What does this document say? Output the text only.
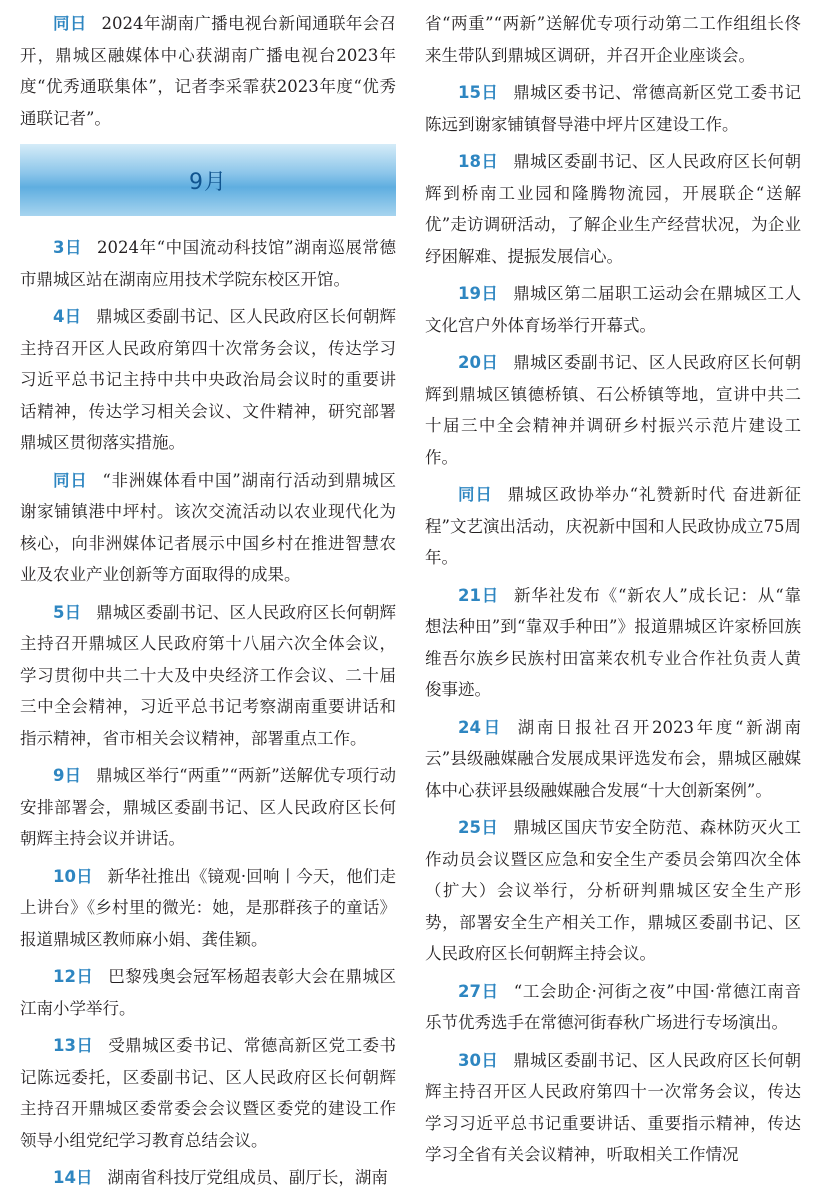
同日 2024年湖南广播电视台新闻通联年会召开，鼎城区融媒体中心获湖南广播电视台2023年度“优秀通联集体”，记者李采霏获2023年度“优秀通联记者”。

9月

3日 2024年“中国流动科技馆”湖南巡展常德市鼎城区站在湖南应用技术学院东校区开馆。

4日 鼎城区委副书记、区人民政府区长何朝辉主持召开区人民政府第四十次常务会议，传达学习习近平总书记主持中共中央政治局会议时的重要讲话精神，传达学习相关会议、文件精神，研究部署鼎城区贯彻落实措施。

同日 “非洲媒体看中国”湖南行活动到鼎城区谢家铺镇港中坪村。该次交流活动以农业现代化为核心，向非洲媒体记者展示中国乡村在推进智慧农业及农业产业创新等方面取得的成果。

5日 鼎城区委副书记、区人民政府区长何朝辉主持召开鼎城区人民政府第十八届六次全体会议，学习贯彻中共二十大及中央经济工作会议、二十届三中全会精神，习近平总书记考察湖南重要讲话和指示精神，省市相关会议精神，部署重点工作。

9日 鼎城区举行“两重”“两新”送解优专项行动安排部署会，鼎城区委副书记、区人民政府区长何朝辉主持会议并讲话。

10日 新华社推出《镜观·回响丨今天，他们走上讲台》《乡村里的微光：她，是那群孩子的童话》报道鼎城区教师麻小娟、龚佳颖。

12日 巴黎残奥会冠军杨超表彰大会在鼎城区江南小学举行。

13日 受鼎城区委书记、常德高新区党工委书记陈远委托，区委副书记、区人民政府区长何朝辉主持召开鼎城区委常委会会议暨区委党的建设工作领导小组党纪学习教育总结会议。

14日 湖南省科技厅党组成员、副厅长，湖南

省“两重”“两新”送解优专项行动第二工作组组长佟来生带队到鼎城区调研，并召开企业座谈会。

15日 鼎城区委书记、常德高新区党工委书记陈远到谢家铺镇督导港中坪片区建设工作。

18日 鼎城区委副书记、区人民政府区长何朝辉到桥南工业园和隆腾物流园，开展联企“送解优”走访调研活动，了解企业生产经营状况，为企业纾困解难、提振发展信心。

19日 鼎城区第二届职工运动会在鼎城区工人文化宫户外体育场举行开幕式。

20日 鼎城区委副书记、区人民政府区长何朝辉到鼎城区镇德桥镇、石公桥镇等地，宣讲中共二十届三中全会精神并调研乡村振兴示范片建设工作。

同日 鼎城区政协举办“礼赞新时代 奋进新征程”文艺演出活动，庆祝新中国和人民政协成立75周年。

21日 新华社发布《“新农人”成长记：从“靠想法种田”到“靠双手种田”》报道鼎城区许家桥回族维吾尔族乡民族村田富莱农机专业合作社负责人黄俊事迹。

24日 湖南日报社召开2023年度“新湖南云”县级融媒融合发展成果评选发布会，鼎城区融媒体中心获评县级融媒融合发展“十大创新案例”。

25日 鼎城区国庆节安全防范、森林防灭火工作动员会议暨区应急和安全生产委员会第四次全体（扩大）会议举行，分析研判鼎城区安全生产形势，部署安全生产相关工作，鼎城区委副书记、区人民政府区长何朝辉主持会议。

27日 “工会助企·河街之夜”中国·常德江南音乐节优秀选手在常德河街春秋广场进行专场演出。

30日 鼎城区委副书记、区人民政府区长何朝辉主持召开区人民政府第四十一次常务会议，传达学习习近平总书记重要讲话、重要指示精神，传达学习全省有关会议精神，听取相关工作情况
